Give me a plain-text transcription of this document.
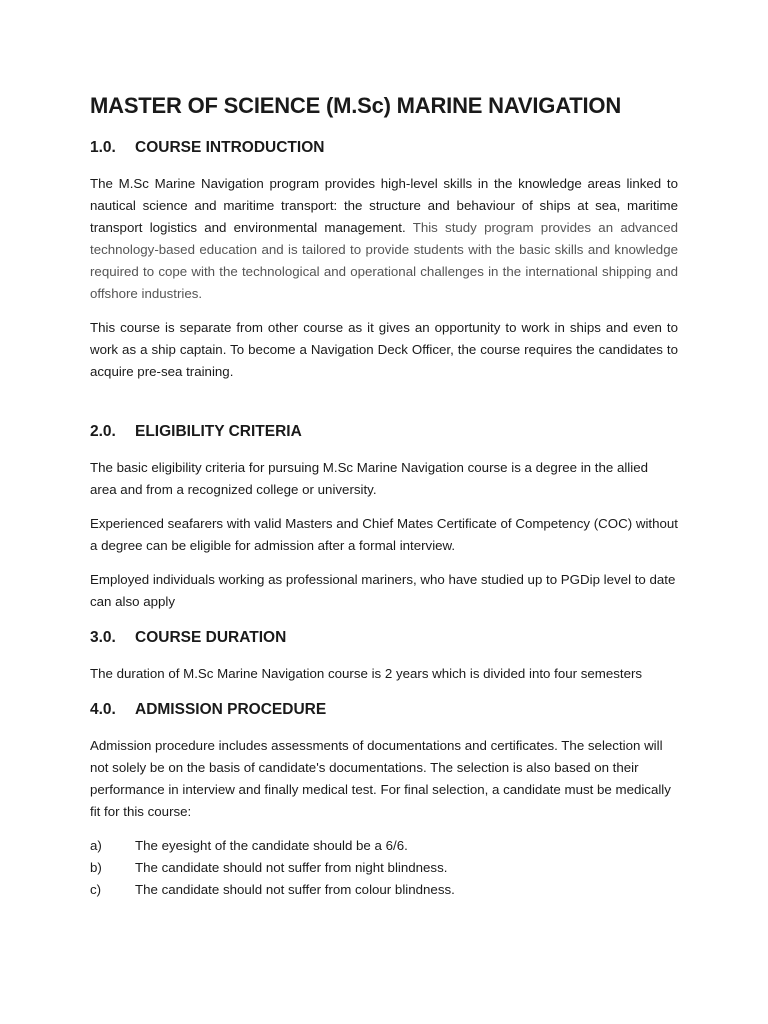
MASTER OF SCIENCE (M.Sc) MARINE NAVIGATION
1.0.	COURSE INTRODUCTION

The M.Sc Marine Navigation program provides high-level skills in the knowledge areas linked to nautical science and maritime transport: the structure and behaviour of ships at sea, maritime transport logistics and environmental management. This study program provides an advanced technology-based education and is tailored to provide students with the basic skills and knowledge required to cope with the technological and operational challenges in the international shipping and offshore industries.

This course is separate from other course as it gives an opportunity to work in ships and even to work as a ship captain. To become a Navigation Deck Officer, the course requires the candidates to acquire pre-sea training.

2.0.	ELIGIBILITY CRITERIA

The basic eligibility criteria for pursuing M.Sc Marine Navigation course is a degree in the allied area and from a recognized college or university.

Experienced seafarers with valid Masters and Chief Mates Certificate of Competency (COC) without a degree can be eligible for admission after a formal interview.

Employed individuals working as professional mariners, who have studied up to PGDip level to date can also apply

3.0.	COURSE DURATION

The duration of M.Sc Marine Navigation course is 2 years which is divided into four semesters

4.0.	ADMISSION PROCEDURE

Admission procedure includes assessments of documentations and certificates. The selection will not solely be on the basis of candidate's documentations. The selection is also based on their performance in interview and finally medical test. For final selection, a candidate must be medically fit for this course:

a)	The eyesight of the candidate should be a 6/6.
b)	The candidate should not suffer from night blindness.
c)	The candidate should not suffer from colour blindness.
